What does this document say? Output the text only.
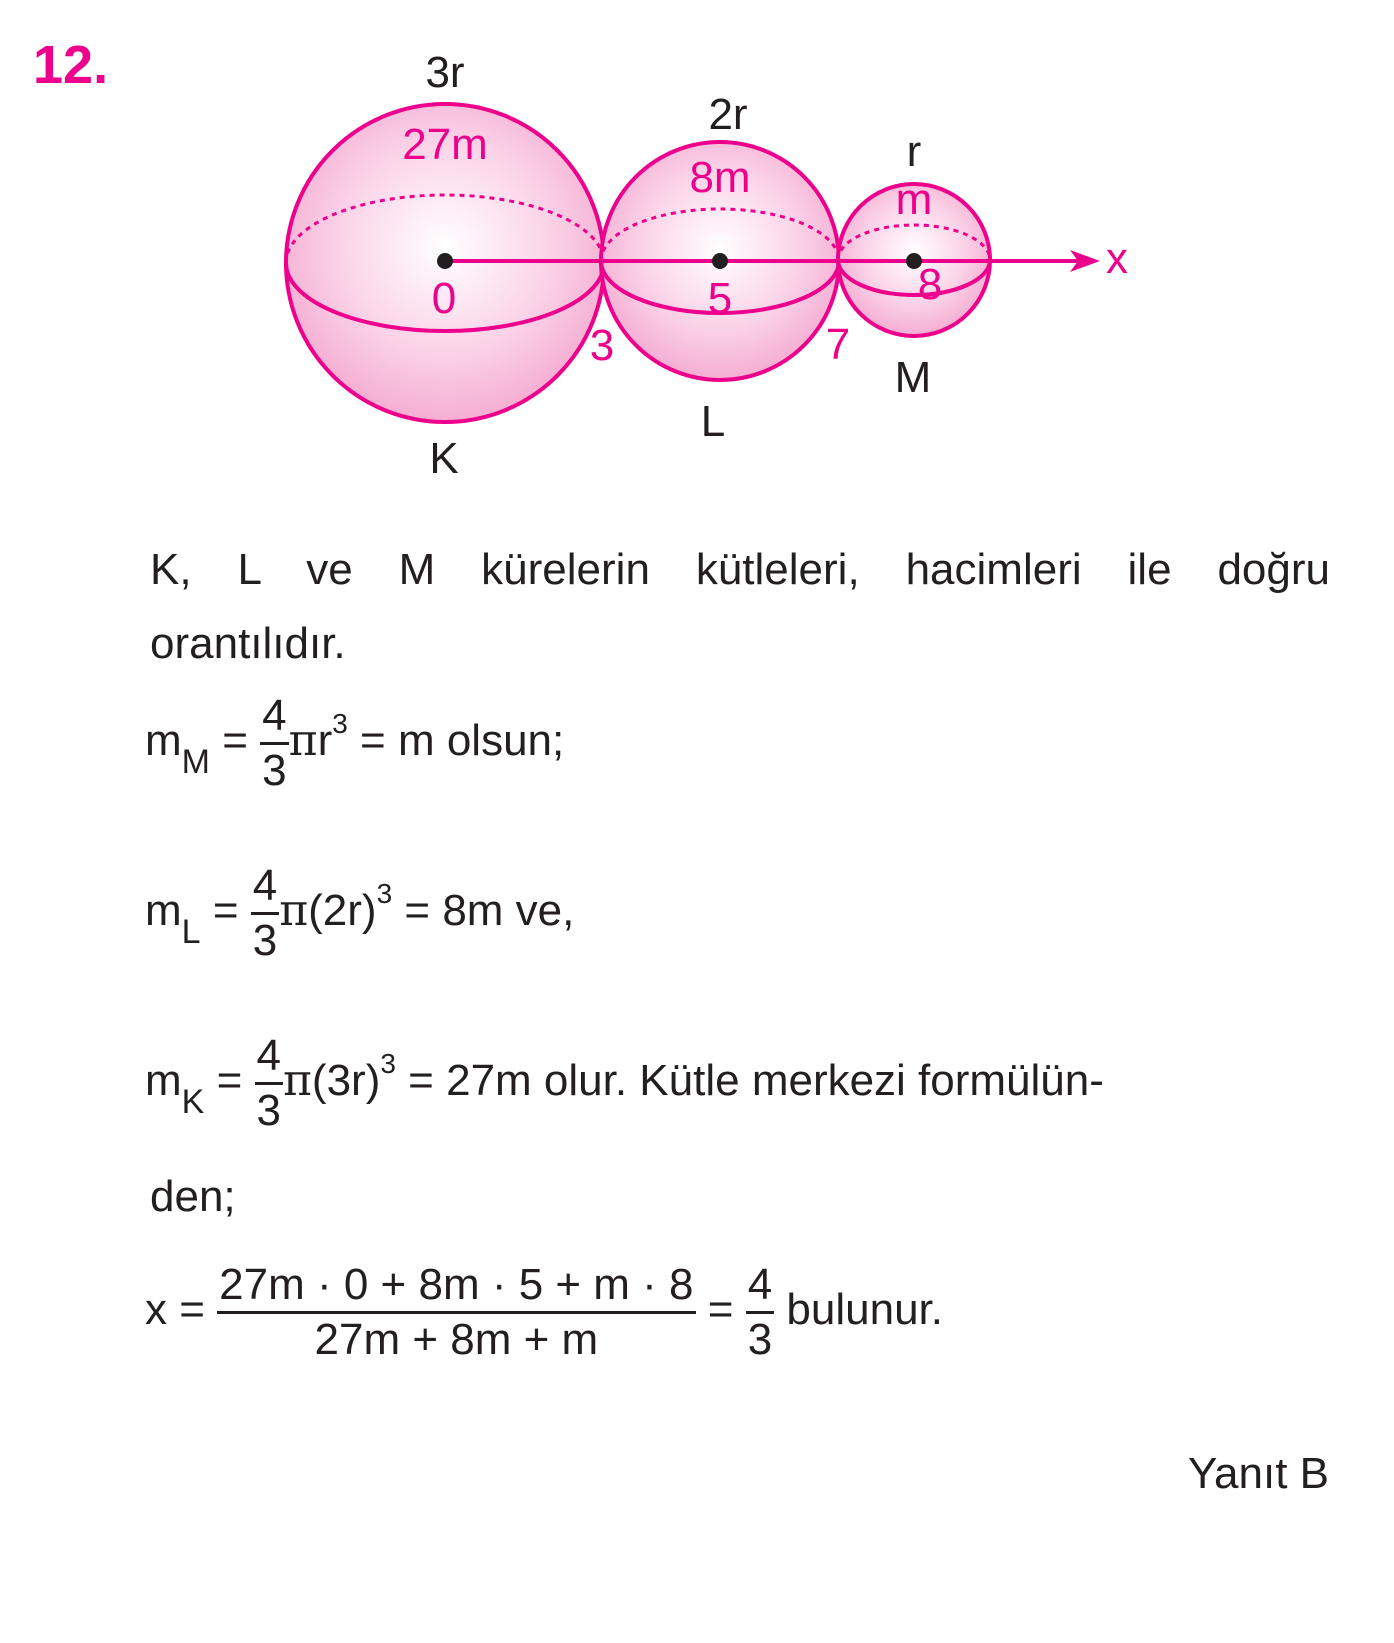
12.	3r
2r
r
27m
8m	m
0	5	8
3	7
K
L
M
x
K, L ve M kürelerin kütleleri, hacimleri ile doğru
orantılıdır.
$m_M = \frac{4}{3} \pi r^3 = m$ olsun;
$m_L = \frac{4}{3} \pi(2r)^3 = 8m$ ve,
$m_K = \frac{4}{3} \pi(3r)^3 = 27m$ olur. Kütle merkezi formülün-
den;
$x = \frac{27m \cdot 0 + 8m \cdot 5 + m \cdot 8}{27m + 8m + m} = \frac{4}{3}$ bulunur.
Yanıt B
